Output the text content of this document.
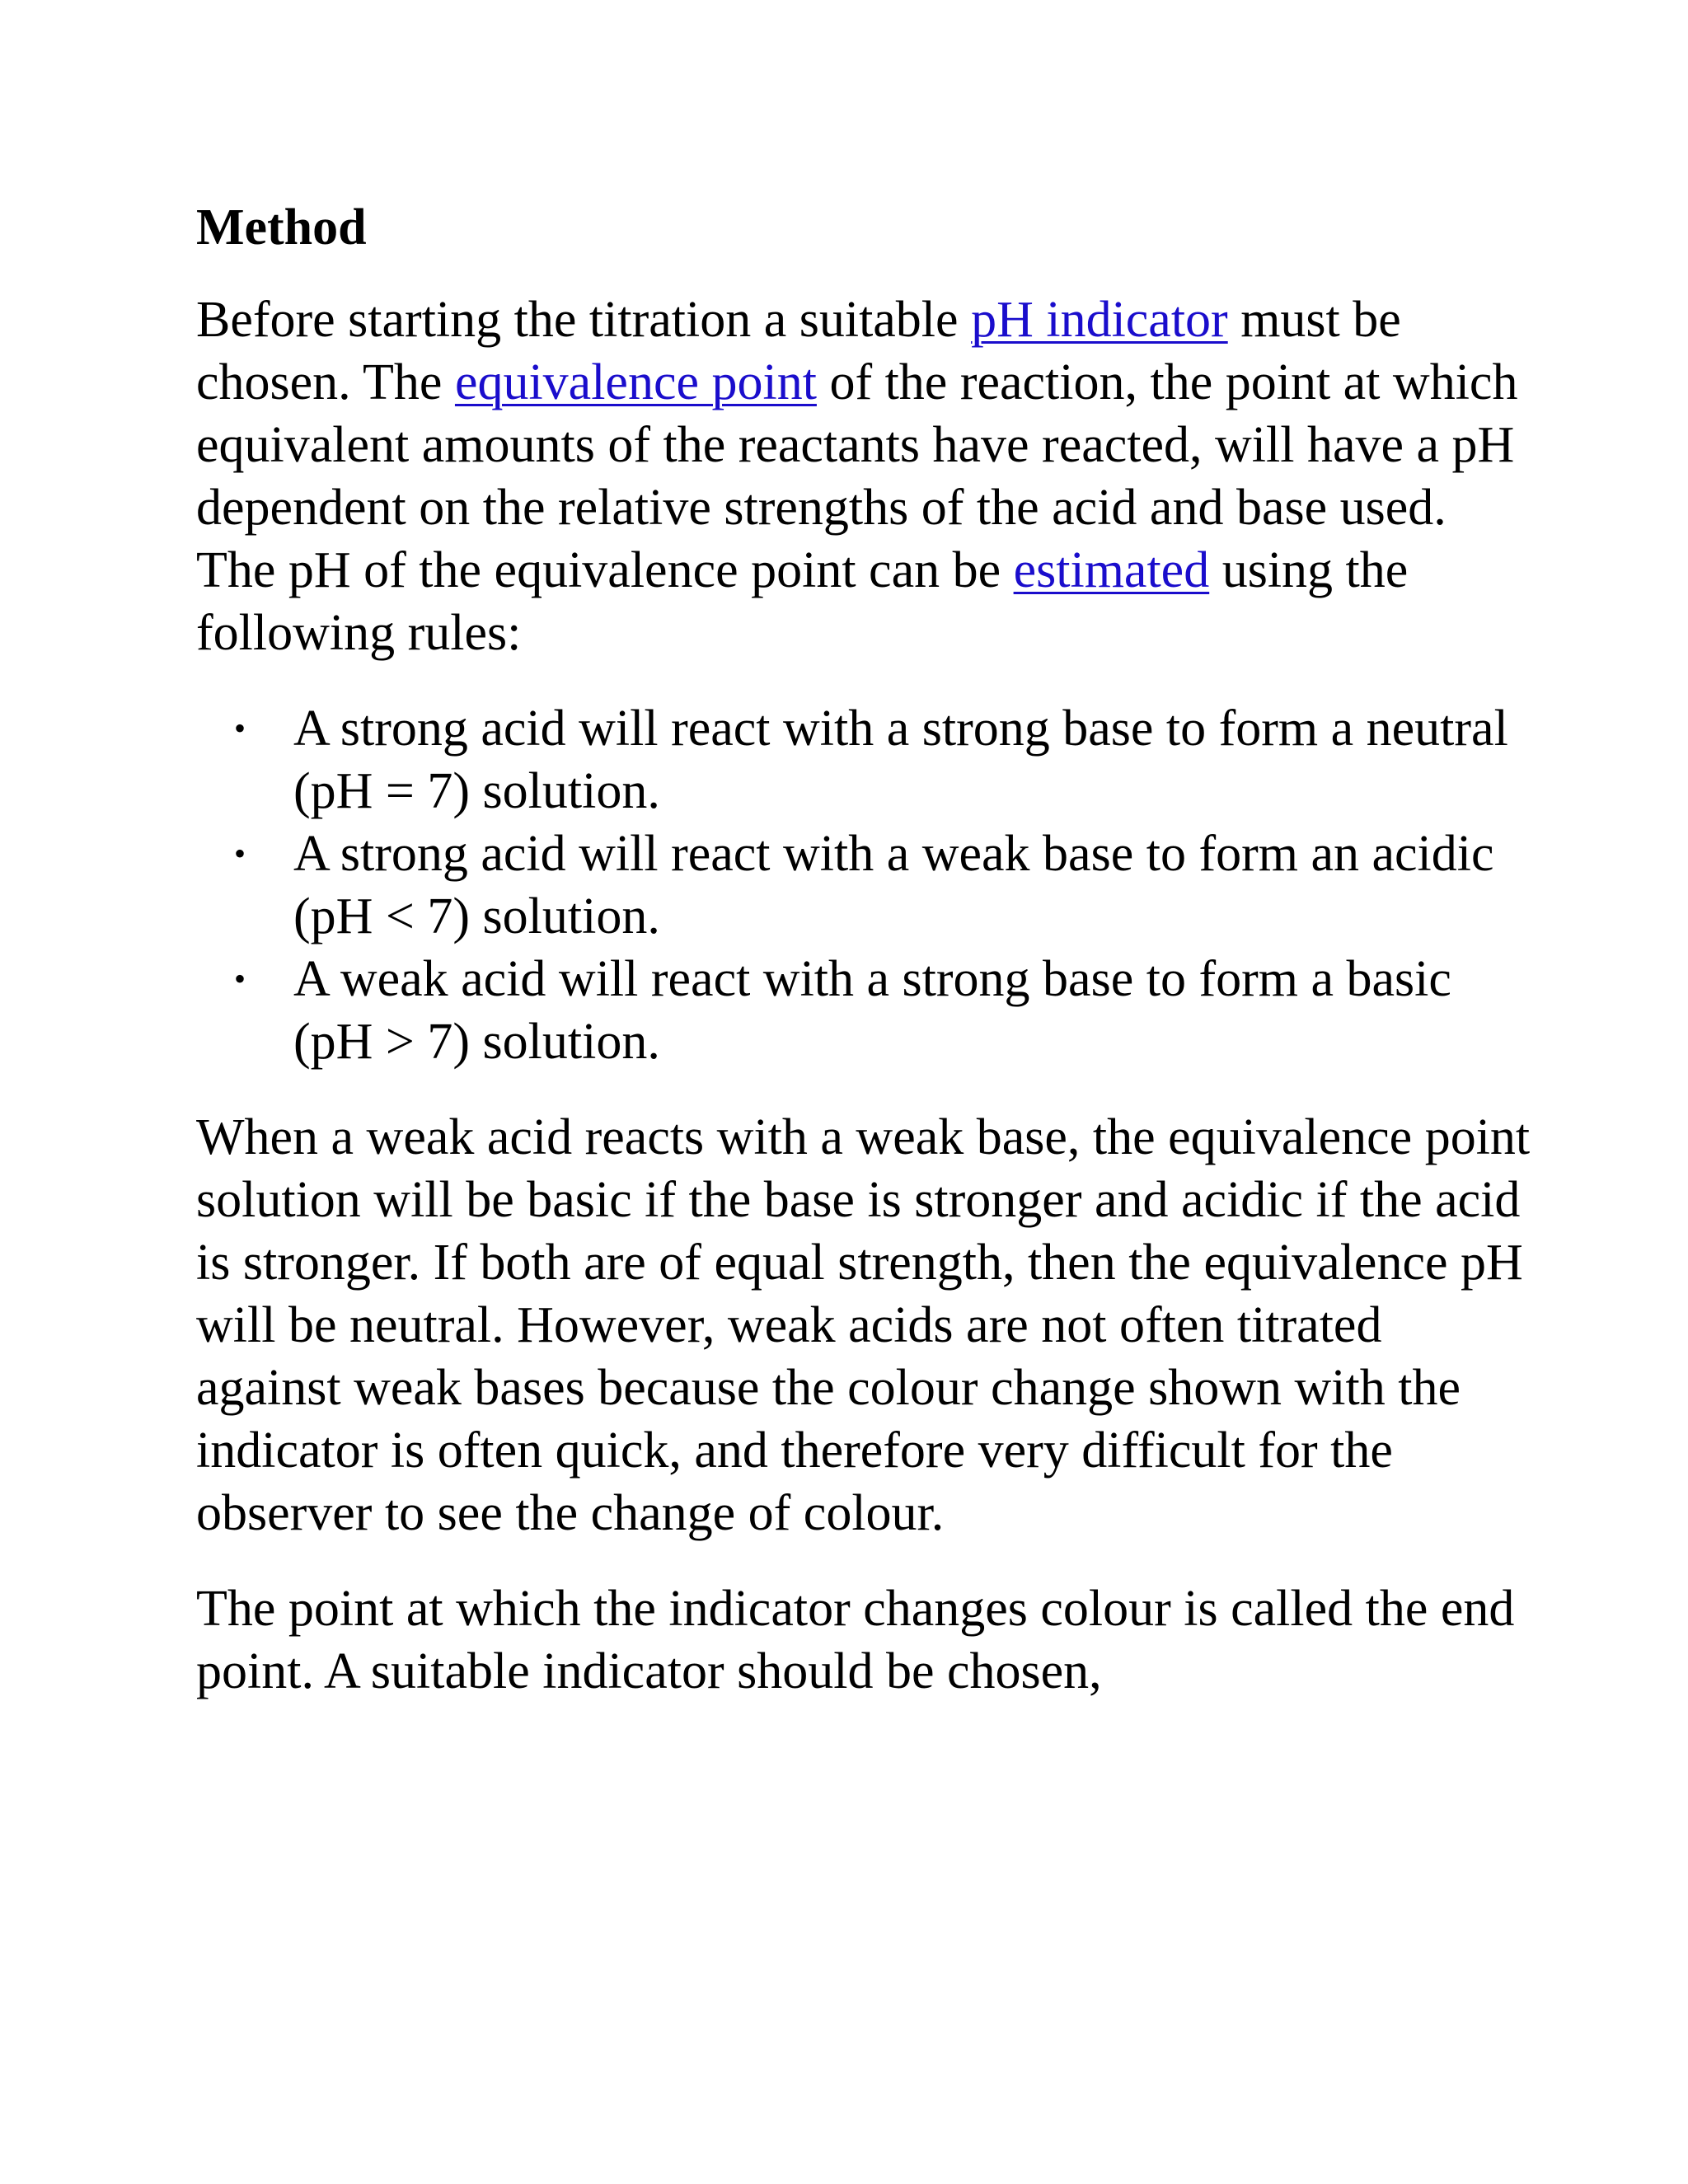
Method

Before starting the titration a suitable pH indicator must be chosen. The equivalence point of the reaction, the point at which equivalent amounts of the reactants have reacted, will have a pH dependent on the relative strengths of the acid and base used. The pH of the equivalence point can be estimated using the following rules:

• A strong acid will react with a strong base to form a neutral (pH = 7) solution.
• A strong acid will react with a weak base to form an acidic (pH < 7) solution.
• A weak acid will react with a strong base to form a basic (pH > 7) solution.

When a weak acid reacts with a weak base, the equivalence point solution will be basic if the base is stronger and acidic if the acid is stronger. If both are of equal strength, then the equivalence pH will be neutral. However, weak acids are not often titrated against weak bases because the colour change shown with the indicator is often quick, and therefore very difficult for the observer to see the change of colour.

The point at which the indicator changes colour is called the end point. A suitable indicator should be chosen,
